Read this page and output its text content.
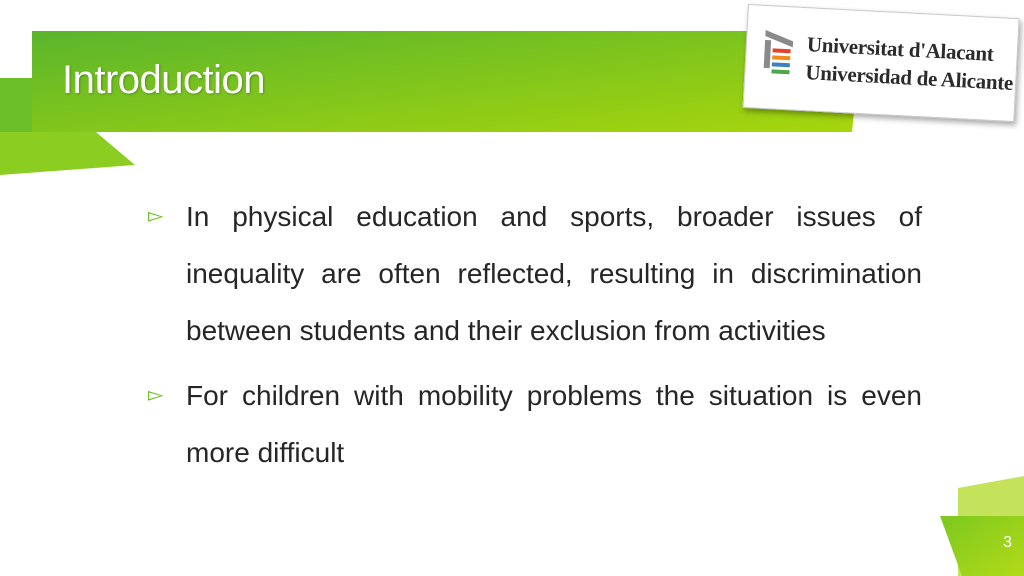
Introduction
Universitat d'Alacant
Universidad de Alicante
▻ In physical education and sports, broader issues of inequality are often reflected, resulting in discrimination between students and their exclusion from activities
▻ For children with mobility problems the situation is even more difficult
3
